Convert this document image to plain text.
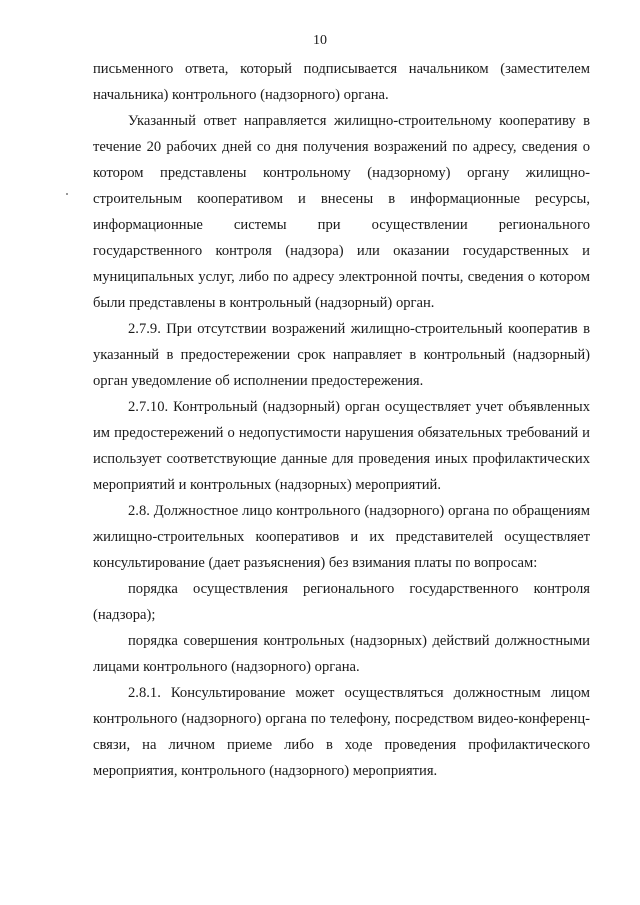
10

письменного ответа, который подписывается начальником (заместителем начальника) контрольного (надзорного) органа.

Указанный ответ направляется жилищно-строительному кооперативу в течение 20 рабочих дней со дня получения возражений по адресу, сведения о котором представлены контрольному (надзорному) органу жилищно-строительным кооперативом и внесены в информационные ресурсы, информационные системы при осуществлении регионального государственного контроля (надзора) или оказании государственных и муниципальных услуг, либо по адресу электронной почты, сведения о котором были представлены в контрольный (надзорный) орган.

2.7.9. При отсутствии возражений жилищно-строительный кооператив в указанный в предостережении срок направляет в контрольный (надзорный) орган уведомление об исполнении предостережения.

2.7.10. Контрольный (надзорный) орган осуществляет учет объявленных им предостережений о недопустимости нарушения обязательных требований и использует соответствующие данные для проведения иных профилактических мероприятий и контрольных (надзорных) мероприятий.

2.8. Должностное лицо контрольного (надзорного) органа по обращениям жилищно-строительных кооперативов и их представителей осуществляет консультирование (дает разъяснения) без взимания платы по вопросам:

порядка осуществления регионального государственного контроля (надзора);

порядка совершения контрольных (надзорных) действий должностными лицами контрольного (надзорного) органа.

2.8.1. Консультирование может осуществляться должностным лицом контрольного (надзорного) органа по телефону, посредством видео-конференц-связи, на личном приеме либо в ходе проведения профилактического мероприятия, контрольного (надзорного) мероприятия.
